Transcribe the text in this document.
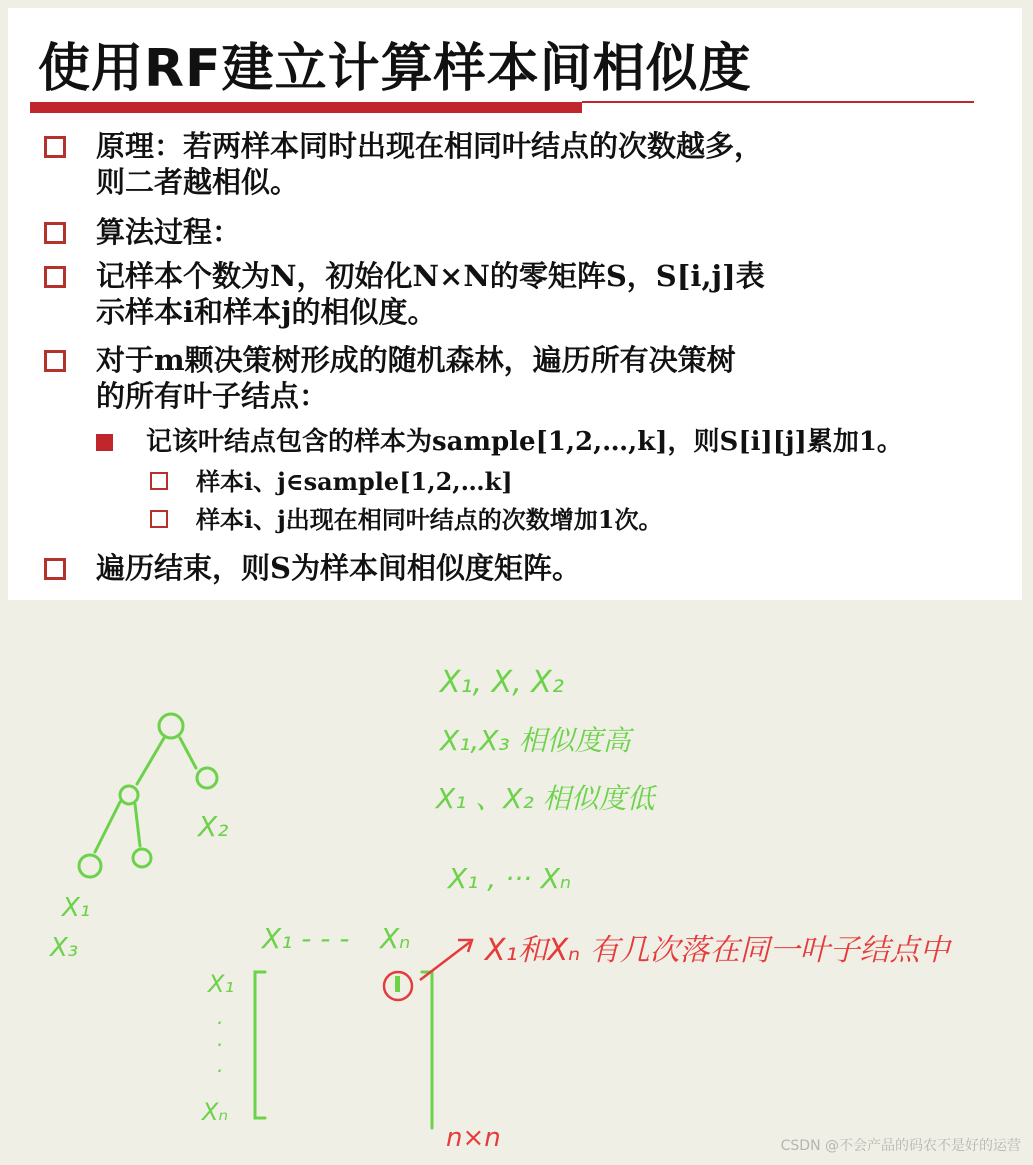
使用RF建立计算样本间相似度
原理：若两样本同时出现在相同叶结点的次数越多，
则二者越相似。
算法过程：
记样本个数为N，初始化N×N的零矩阵S，S[i,j]表
示样本i和样本j的相似度。
对于m颗决策树形成的随机森林，遍历所有决策树
的所有叶子结点：
记该叶结点包含的样本为sample[1,2,…,k]，则S[i][j]累加1。
样本i、j∈sample[1,2,…k]
样本i、j出现在相同叶结点的次数增加1次。
遍历结束，则S为样本间相似度矩阵。
X₂
X₁
X₃
X₁, X, X₂
X₁,X₃ 相似度高
X₁ 、X₂ 相似度低
X₁ , ··· Xₙ
X₁ - - - Xₙ
X₁
·
·
·
Xₙ
X₁和Xₙ 有几次落在同一叶子结点中
n×n	CSDN @不会产品的码农不是好的运营
